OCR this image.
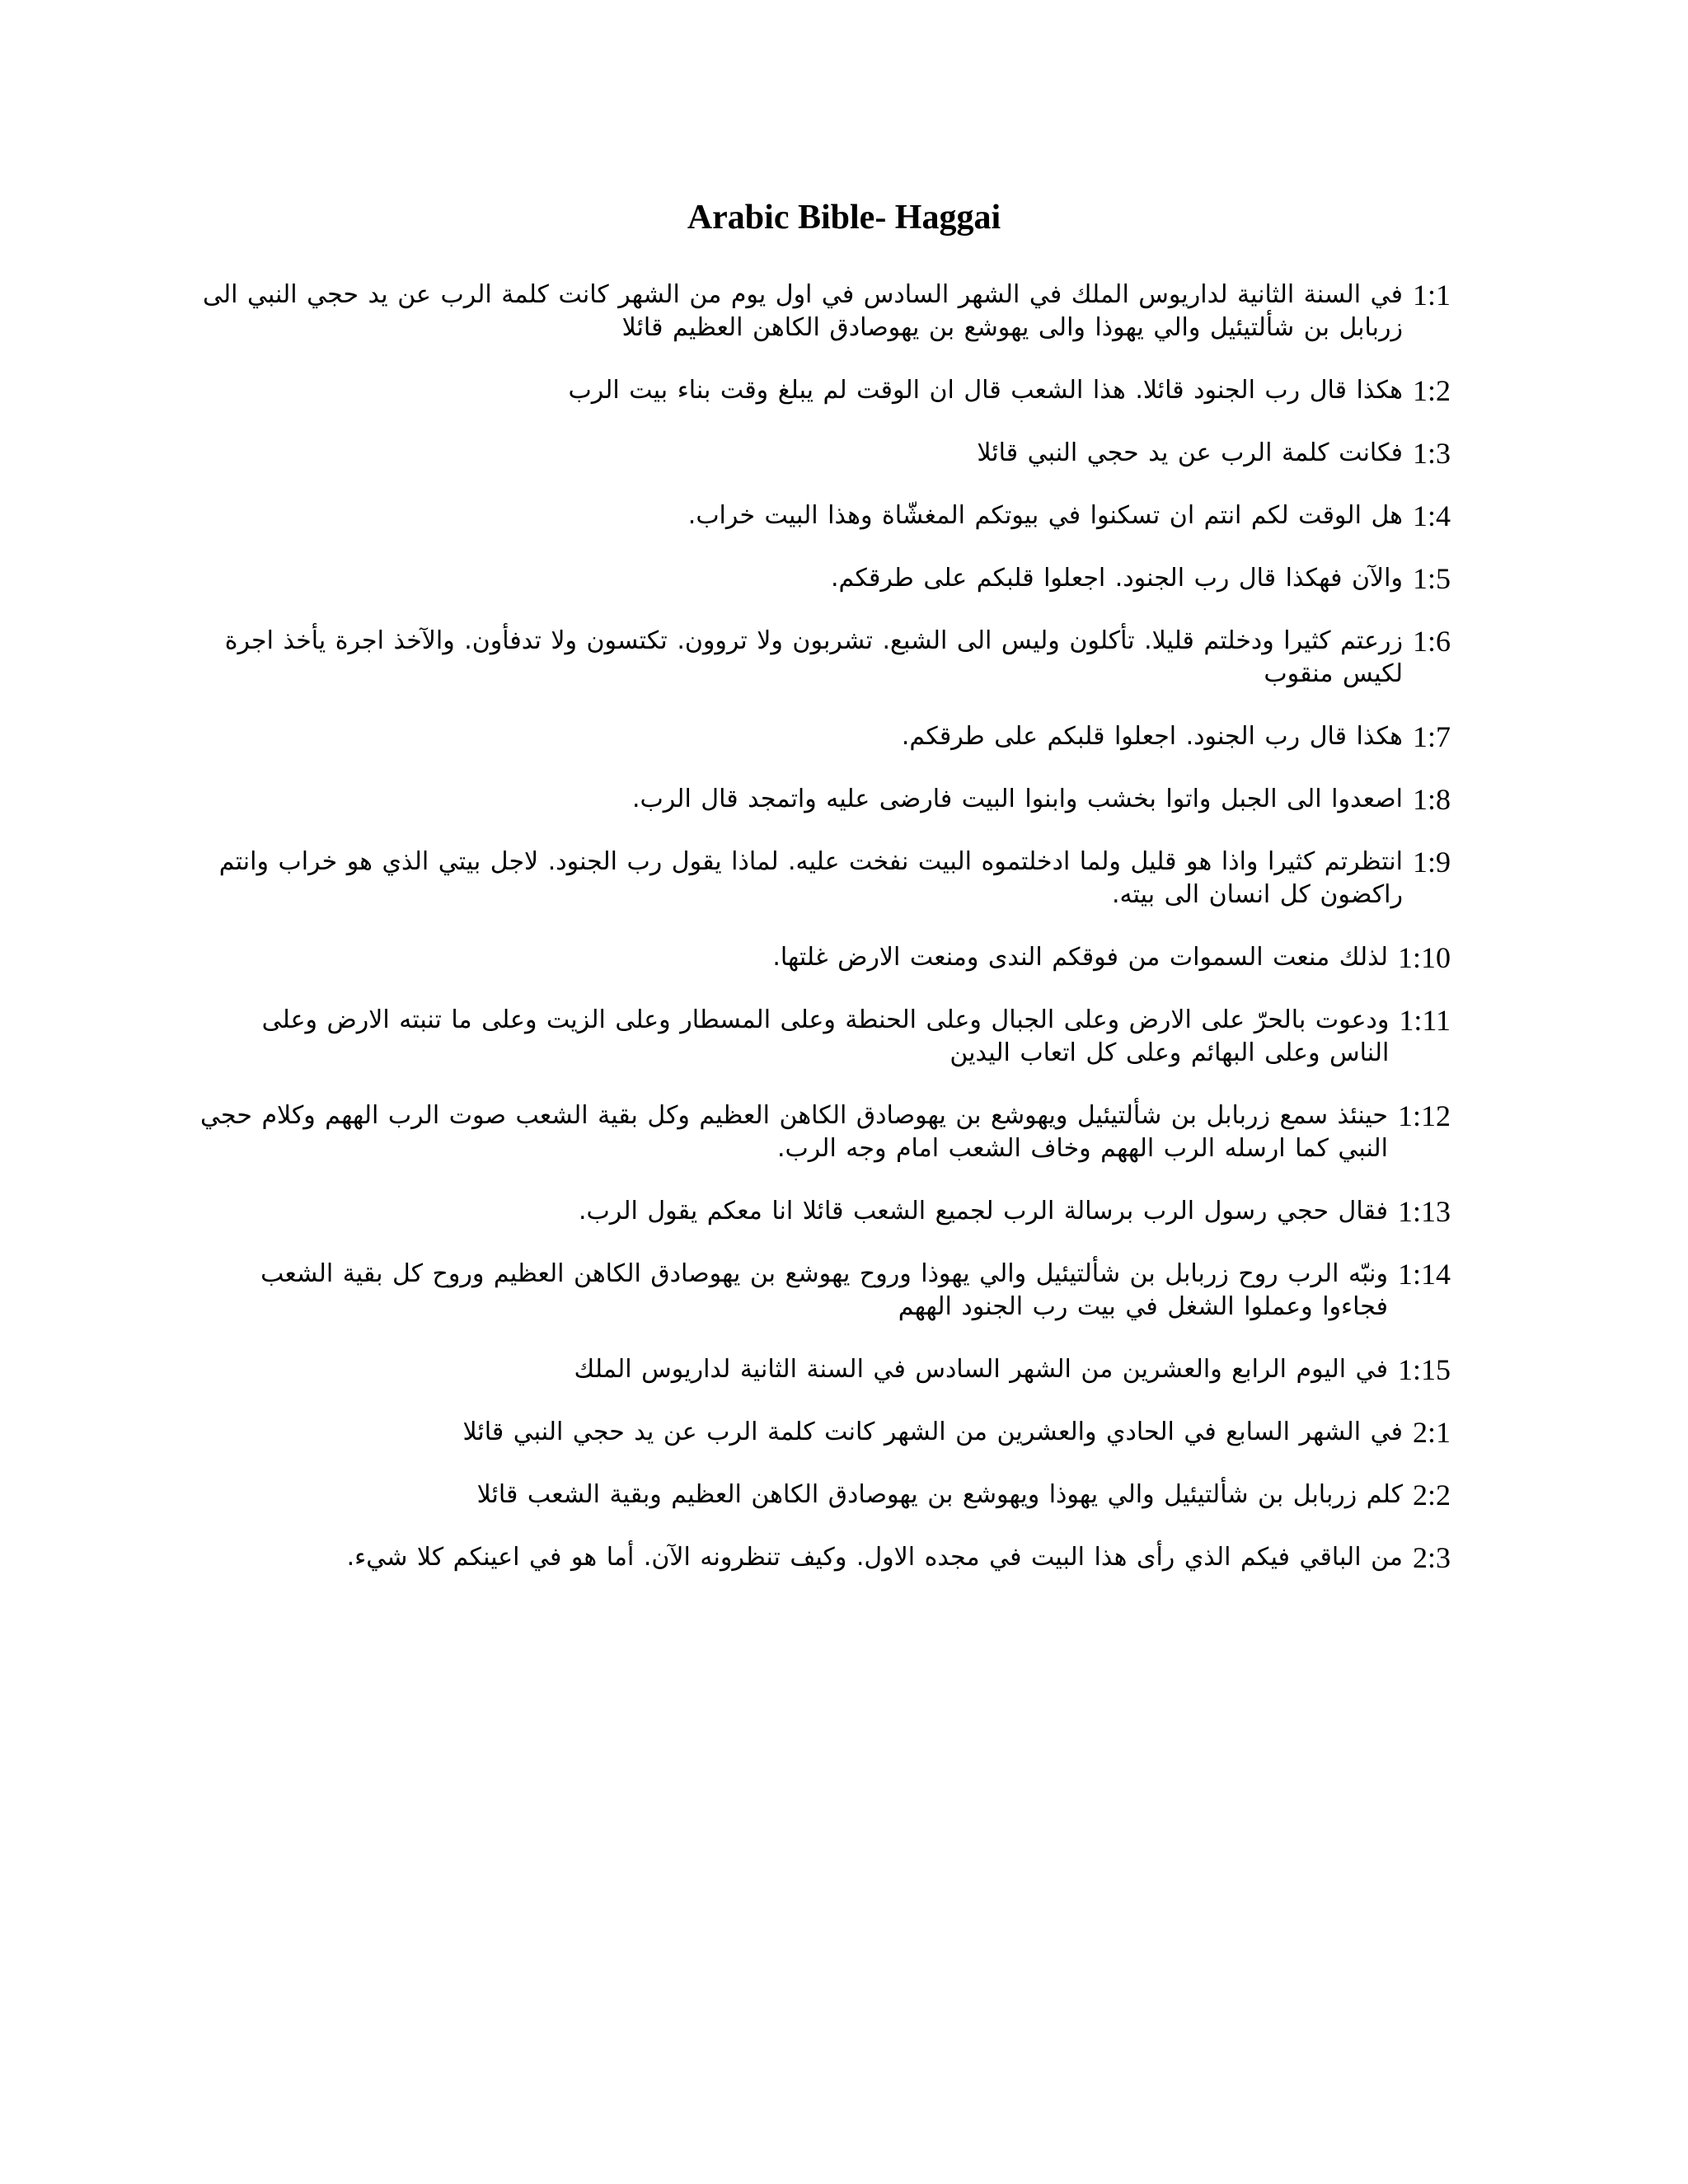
Arabic Bible- Haggai
1:1
في السنة الثانية لداريوس الملك في الشهر السادس في اول يوم من الشهر كانت كلمة الرب عن يد حجي النبي الى زربابل بن شألتيئيل والي يهوذا والى يهوشع بن يهوصادق الكاهن العظيم قائلا
1:2
هكذا قال رب الجنود قائلا. هذا الشعب قال ان الوقت لم يبلغ وقت بناء بيت الرب
1:3
فكانت كلمة الرب عن يد حجي النبي قائلا
1:4
هل الوقت لكم انتم ان تسكنوا في بيوتكم المغشّاة وهذا البيت خراب.
1:5
والآن فهكذا قال رب الجنود. اجعلوا قلبكم على طرقكم.
1:6
زرعتم كثيرا ودخلتم قليلا. تأكلون وليس الى الشبع. تشربون ولا تروون. تكتسون ولا تدفأون. والآخذ اجرة يأخذ اجرة لكيس منقوب
1:7
هكذا قال رب الجنود. اجعلوا قلبكم على طرقكم.
1:8
اصعدوا الى الجبل واتوا بخشب وابنوا البيت فارضى عليه واتمجد قال الرب.
1:9
انتظرتم كثيرا واذا هو قليل ولما ادخلتموه البيت نفخت عليه. لماذا يقول رب الجنود. لاجل بيتي الذي هو خراب وانتم راكضون كل انسان الى بيته.
1:10
لذلك منعت السموات من فوقكم الندى ومنعت الارض غلتها.
1:11
ودعوت بالحرّ على الارض وعلى الجبال وعلى الحنطة وعلى المسطار وعلى الزيت وعلى ما تنبته الارض وعلى الناس وعلى البهائم وعلى كل اتعاب اليدين
1:12
حينئذ سمع زربابل بن شألتيئيل ويهوشع بن يهوصادق الكاهن العظيم وكل بقية الشعب صوت الرب الههم وكلام حجي النبي كما ارسله الرب الههم وخاف الشعب امام وجه الرب.
1:13
فقال حجي رسول الرب برسالة الرب لجميع الشعب قائلا انا معكم يقول الرب.
1:14
ونبّه الرب روح زربابل بن شألتيئيل والي يهوذا وروح يهوشع بن يهوصادق الكاهن العظيم وروح كل بقية الشعب فجاءوا وعملوا الشغل في بيت رب الجنود الههم
1:15
في اليوم الرابع والعشرين من الشهر السادس في السنة الثانية لداريوس الملك
2:1
في الشهر السابع في الحادي والعشرين من الشهر كانت كلمة الرب عن يد حجي النبي قائلا
2:2
كلم زربابل بن شألتيئيل والي يهوذا ويهوشع بن يهوصادق الكاهن العظيم وبقية الشعب قائلا
2:3
من الباقي فيكم الذي رأى هذا البيت في مجده الاول. وكيف تنظرونه الآن. أما هو في اعينكم كلا شيء.
